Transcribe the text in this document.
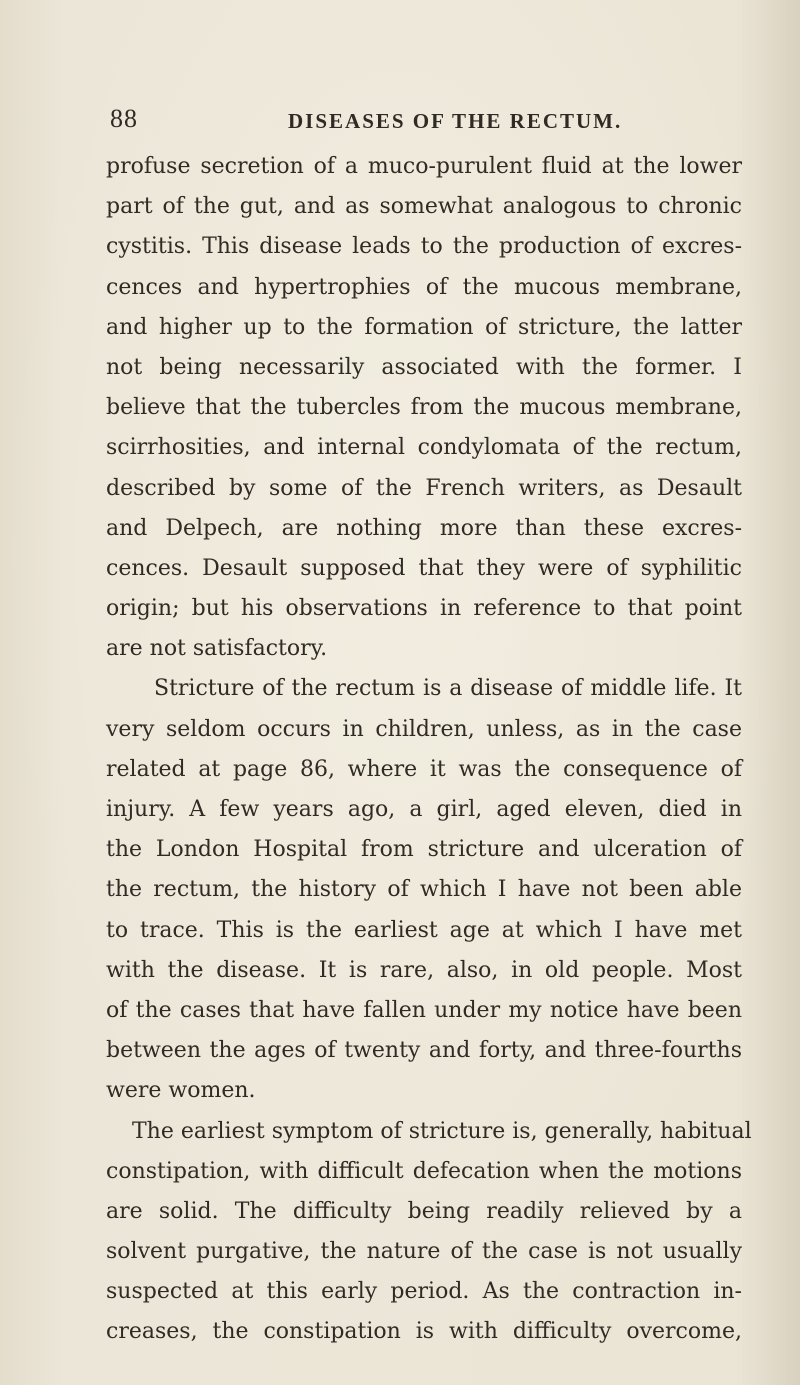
88	DISEASES OF THE RECTUM.
profuse secretion of a muco-purulent fluid at the lower
part of the gut, and as somewhat analogous to chronic
cystitis. This disease leads to the production of excres-
cences and hypertrophies of the mucous membrane,
and higher up to the formation of stricture, the latter
not being necessarily associated with the former. I
believe that the tubercles from the mucous membrane,
scirrhosities, and internal condylomata of the rectum,
described by some of the French writers, as Desault
and Delpech, are nothing more than these excres-
cences. Desault supposed that they were of syphilitic
origin; but his observations in reference to that point
are not satisfactory.
Stricture of the rectum is a disease of middle life. It
very seldom occurs in children, unless, as in the case
related at page 86, where it was the consequence of
injury. A few years ago, a girl, aged eleven, died in
the London Hospital from stricture and ulceration of
the rectum, the history of which I have not been able
to trace. This is the earliest age at which I have met
with the disease. It is rare, also, in old people. Most
of the cases that have fallen under my notice have been
between the ages of twenty and forty, and three-fourths
were women.
The earliest symptom of stricture is, generally, habitual
constipation, with difficult defecation when the motions
are solid. The difficulty being readily relieved by a
solvent purgative, the nature of the case is not usually
suspected at this early period. As the contraction in-
creases, the constipation is with difficulty overcome,
